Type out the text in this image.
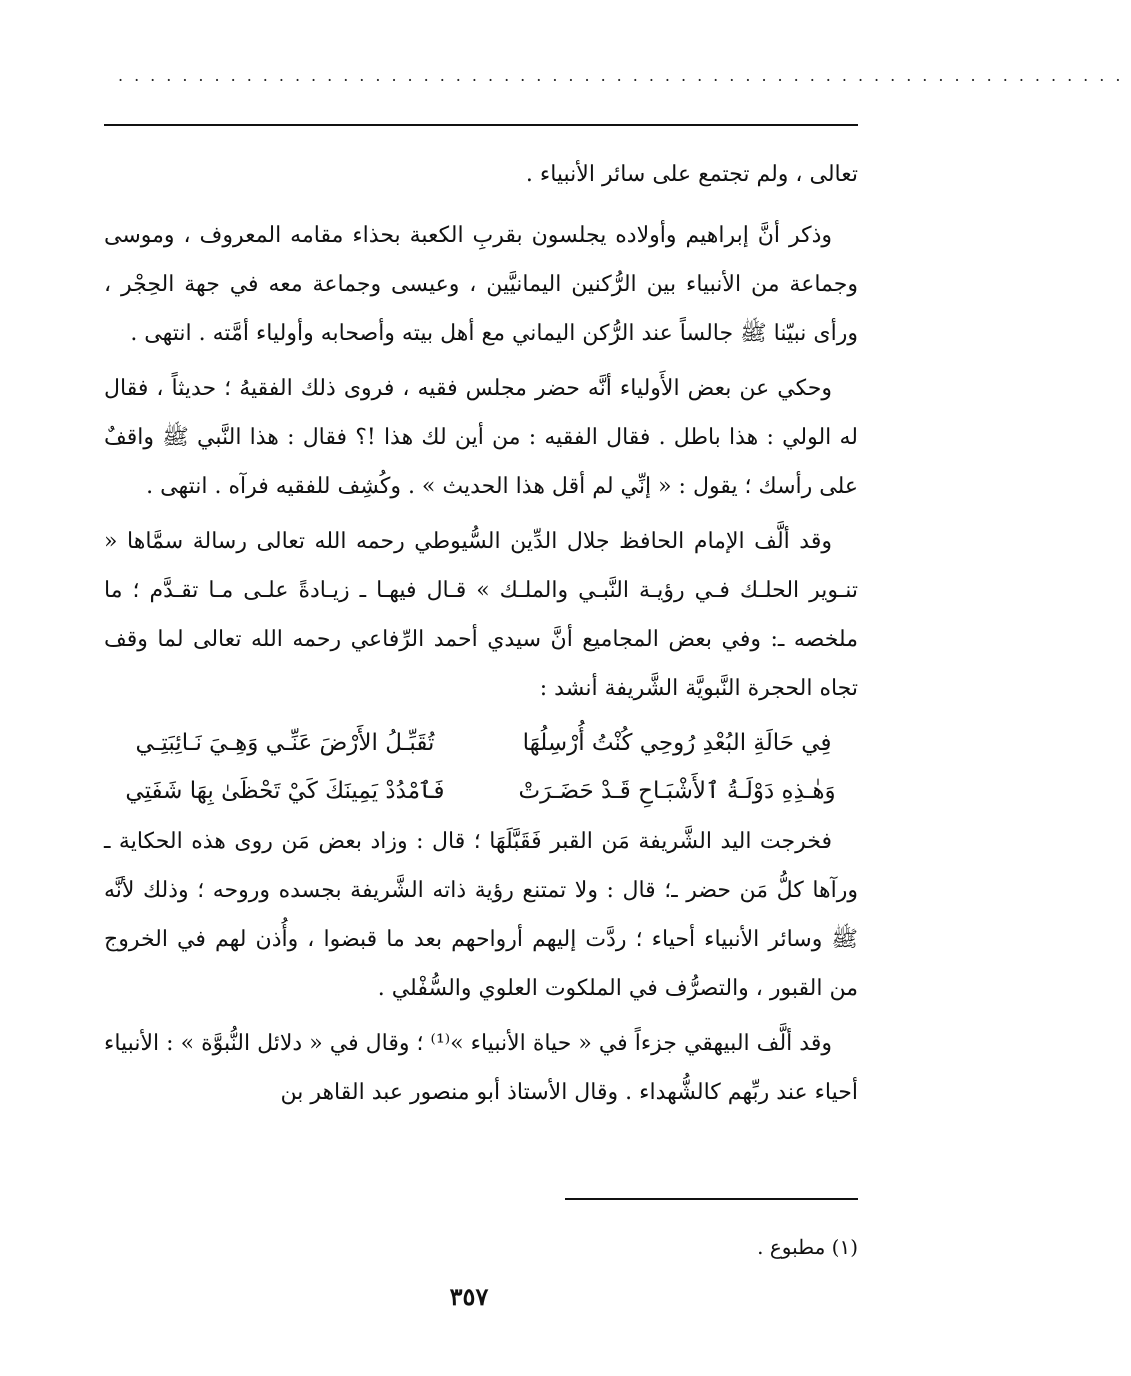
...............................................................

تعالى ، ولم تجتمع على سائر الأنبياء .

وذكر أنَّ إبراهيم وأولاده يجلسون بقربِ الكعبة بحذاء مقامه المعروف ، وموسى وجماعة من الأنبياء بين الرُّكنين اليمانيَّين ، وعيسى وجماعة معه في جهة الحِجْر ، ورأى نبيّنا ﷺ جالساً عند الرُّكن اليماني مع أهل بيته وأصحابه وأولياء أمَّته . انتهى .

وحكي عن بعض الأَولياء أنَّه حضر مجلس فقيه ، فروى ذلك الفقيهُ ؛ حديثاً ، فقال له الولي : هذا باطل . فقال الفقيه : من أين لك هذا !؟ فقال : هذا النَّبي ﷺ واقفٌ على رأسك ؛ يقول : « إنِّي لم أقل هذا الحديث » . وكُشِف للفقيه فرآه . انتهى .

وقد ألَّف الإمام الحافظ جلال الدِّين السُّيوطي رحمه الله تعالى رسالة سمَّاها « تنـوير الحلـك فـي رؤيـة النَّبـي والملـك » قـال فيهـا ـ زيـادةً علـى مـا تقـدَّم ؛ ما ملخصه ـ: وفي بعض المجاميع أنَّ سيدي أحمد الرِّفاعي رحمه الله تعالى لما وقف تجاه الحجرة النَّبويَّة الشَّريفة أنشد :

فِي حَالَةِ البُعْدِ رُوحِي كُنْتُ أُرْسِلُهَا
تُقَبِّـلُ الأَرْضَ عَنِّـي وَهِـيَ نَـائِبَتِـي
وَهٰـذِهِ دَوْلَـةُ ٱلأَشْبَـاحِ قَـدْ حَضَـرَتْ
فَٱمْدُدْ يَمِينَكَ كَيْ تَحْظَىٰ بِهَا شَفَتِي

فخرجت اليد الشَّريفة مَن القبر فَقَبَّلَهَا ؛ قال : وزاد بعض مَن روى هذه الحكاية ـ ورآها كلُّ مَن حضر ـ؛ قال : ولا تمتنع رؤية ذاته الشَّريفة بجسده وروحه ؛ وذلك لأنَّه ﷺ وسائر الأنبياء أحياء ؛ ردَّت إليهم أرواحهم بعد ما قبضوا ، وأُذن لهم في الخروج من القبور ، والتصرُّف في الملكوت العلوي والسُّفْلي .

وقد ألَّف البيهقي جزءاً في « حياة الأنبياء »⁽¹⁾ ؛ وقال في « دلائل النُّبوَّة » : الأنبياء أحياء عند ربِّهم كالشُّهداء . وقال الأستاذ أبو منصور عبد القاهر بن

(١) مطبوع .
٣٥٧
